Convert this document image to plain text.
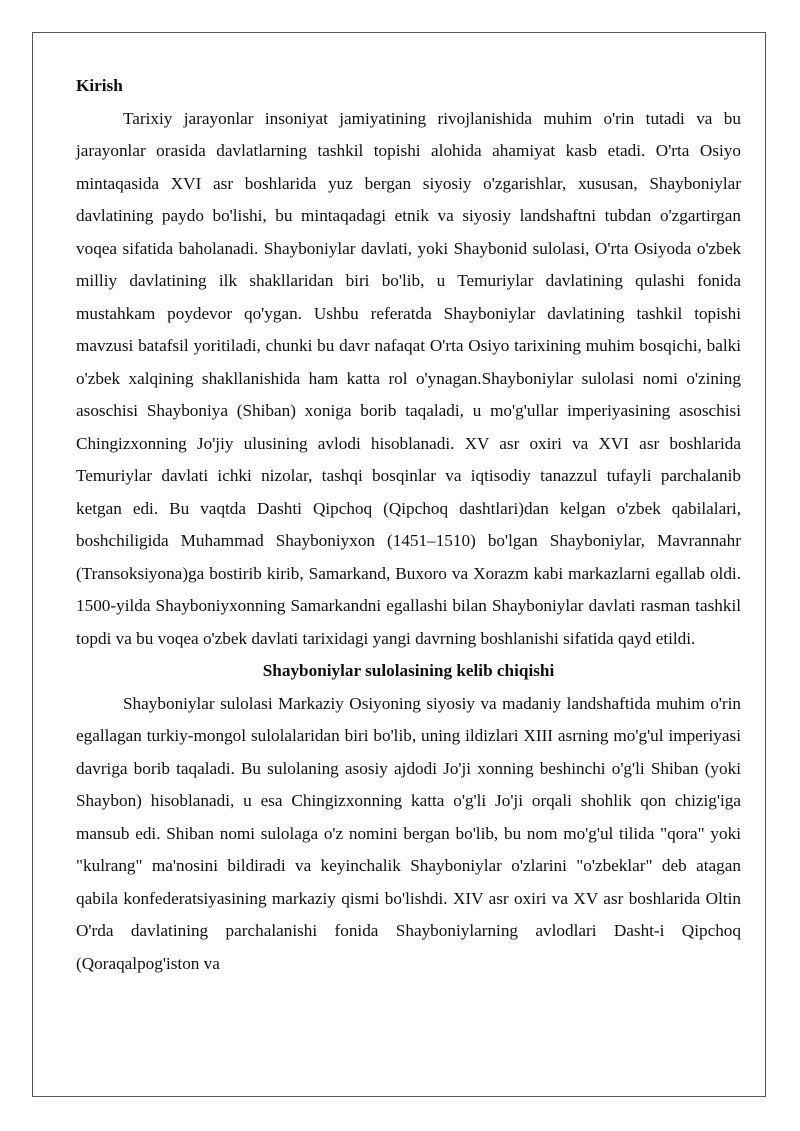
Kirish

Tarixiy jarayonlar insoniyat jamiyatining rivojlanishida muhim o'rin tutadi va bu jarayonlar orasida davlatlarning tashkil topishi alohida ahamiyat kasb etadi. O'rta Osiyo mintaqasida XVI asr boshlarida yuz bergan siyosiy o'zgarishlar, xususan, Shayboniylar davlatining paydo bo'lishi, bu mintaqadagi etnik va siyosiy landshaftni tubdan o'zgartirgan voqea sifatida baholanadi. Shayboniylar davlati, yoki Shaybonid sulolasi, O'rta Osiyoda o'zbek milliy davlatining ilk shakllaridan biri bo'lib, u Temuriylar davlatining qulashi fonida mustahkam poydevor qo'ygan. Ushbu referatda Shayboniylar davlatining tashkil topishi mavzusi batafsil yoritiladi, chunki bu davr nafaqat O'rta Osiyo tarixining muhim bosqichi, balki o'zbek xalqining shakllanishida ham katta rol o'ynagan.Shayboniylar sulolasi nomi o'zining asoschisi Shayboniya (Shiban) xoniga borib taqaladi, u mo'g'ullar imperiyasining asoschisi Chingizxonning Jo'jiy ulusining avlodi hisoblanadi. XV asr oxiri va XVI asr boshlarida Temuriylar davlati ichki nizolar, tashqi bosqinlar va iqtisodiy tanazzul tufayli parchalanib ketgan edi. Bu vaqtda Dashti Qipchoq (Qipchoq dashtlari)dan kelgan o'zbek qabilalari, boshchiligida Muhammad Shayboniyxon (1451–1510) bo'lgan Shayboniylar, Mavrannahr (Transoksiyona)ga bostirib kirib, Samarkand, Buxoro va Xorazm kabi markazlarni egallab oldi. 1500-yilda Shayboniyxonning Samarkandni egallashi bilan Shayboniylar davlati rasman tashkil topdi va bu voqea o'zbek davlati tarixidagi yangi davrning boshlanishi sifatida qayd etildi.

Shayboniylar sulolasining kelib chiqishi

Shayboniylar sulolasi Markaziy Osiyoning siyosiy va madaniy landshaftida muhim o'rin egallagan turkiy-mongol sulolalaridan biri bo'lib, uning ildizlari XIII asrning mo'g'ul imperiyasi davriga borib taqaladi. Bu sulolaning asosiy ajdodi Jo'ji xonning beshinchi o'g'li Shiban (yoki Shaybon) hisoblanadi, u esa Chingizxonning katta o'g'li Jo'ji orqali shohlik qon chizig'iga mansub edi. Shiban nomi sulolaga o'z nomini bergan bo'lib, bu nom mo'g'ul tilida "qora" yoki "kulrang" ma'nosini bildiradi va keyinchalik Shayboniylar o'zlarini "o'zbeklar" deb atagan qabila konfederatsiyasining markaziy qismi bo'lishdi. XIV asr oxiri va XV asr boshlarida Oltin O'rda davlatining parchalanishi fonida Shayboniylarning avlodlari Dasht-i Qipchoq (Qoraqalpog'iston va
